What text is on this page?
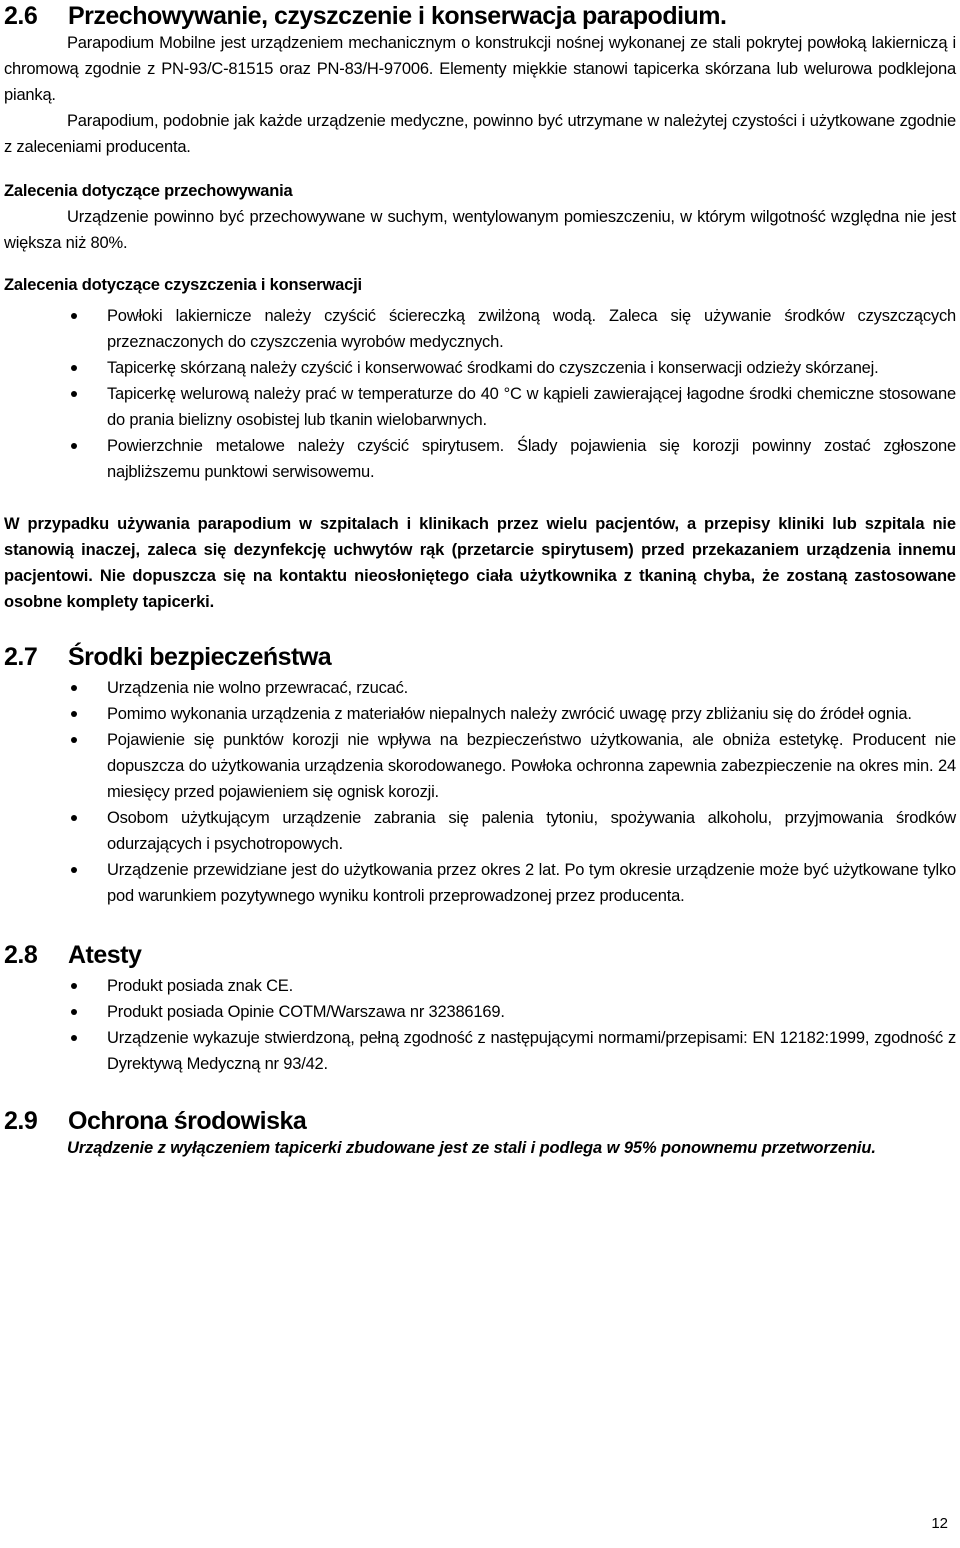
2.6	Przechowywanie, czyszczenie i konserwacja parapodium.
Parapodium Mobilne jest urządzeniem mechanicznym o konstrukcji nośnej wykonanej ze stali pokrytej powłoką lakierniczą i chromową zgodnie z PN-93/C-81515 oraz PN-83/H-97006. Elementy miękkie stanowi tapicerka skórzana lub welurowa podklejona pianką.
Parapodium, podobnie jak każde urządzenie medyczne, powinno być utrzymane w należytej czystości i użytkowane zgodnie z zaleceniami producenta.
Zalecenia dotyczące przechowywania
Urządzenie powinno być przechowywane w suchym, wentylowanym pomieszczeniu, w którym wilgotność względna nie jest większa niż 80%.
Zalecenia dotyczące czyszczenia i konserwacji
Powłoki lakiernicze należy czyścić ściereczką zwilżoną wodą. Zaleca się używanie środków czyszczących przeznaczonych do czyszczenia wyrobów medycznych.
Tapicerkę skórzaną należy czyścić i konserwować środkami do czyszczenia i konserwacji odzieży skórzanej.
Tapicerkę welurową należy prać w temperaturze do 40 °C w kąpieli zawierającej łagodne środki chemiczne stosowane do prania bielizny osobistej lub tkanin wielobarwnych.
Powierzchnie metalowe należy czyścić spirytusem. Ślady pojawienia się korozji powinny zostać zgłoszone najbliższemu punktowi serwisowemu.
W przypadku używania parapodium w szpitalach i klinikach przez wielu pacjentów, a przepisy kliniki lub szpitala nie stanowią inaczej, zaleca się dezynfekcję uchwytów rąk (przetarcie spirytusem) przed przekazaniem urządzenia innemu pacjentowi. Nie dopuszcza się na kontaktu nieosłoniętego ciała użytkownika z tkaniną chyba, że zostaną zastosowane osobne komplety tapicerki.
2.7	Środki bezpieczeństwa
Urządzenia nie wolno przewracać, rzucać.
Pomimo wykonania urządzenia z materiałów niepalnych należy zwrócić uwagę przy zbliżaniu się do źródeł ognia.
Pojawienie się punktów korozji nie wpływa na bezpieczeństwo użytkowania, ale obniża estetykę. Producent nie dopuszcza do użytkowania urządzenia skorodowanego. Powłoka ochronna zapewnia zabezpieczenie na okres min. 24 miesięcy przed pojawieniem się ognisk korozji.
Osobom użytkującym urządzenie zabrania się palenia tytoniu, spożywania alkoholu, przyjmowania środków odurzających i psychotropowych.
Urządzenie przewidziane jest do użytkowania przez okres 2 lat. Po tym okresie urządzenie może być użytkowane tylko pod warunkiem pozytywnego wyniku kontroli przeprowadzonej przez producenta.
2.8	Atesty
Produkt posiada znak CE.
Produkt posiada Opinie COTM/Warszawa nr 32386169.
Urządzenie wykazuje stwierdzoną, pełną zgodność z następującymi normami/przepisami: EN 12182:1999, zgodność z Dyrektywą Medyczną nr 93/42.
2.9	Ochrona środowiska
Urządzenie z wyłączeniem tapicerki zbudowane jest ze stali i podlega w 95% ponownemu przetworzeniu.
12
